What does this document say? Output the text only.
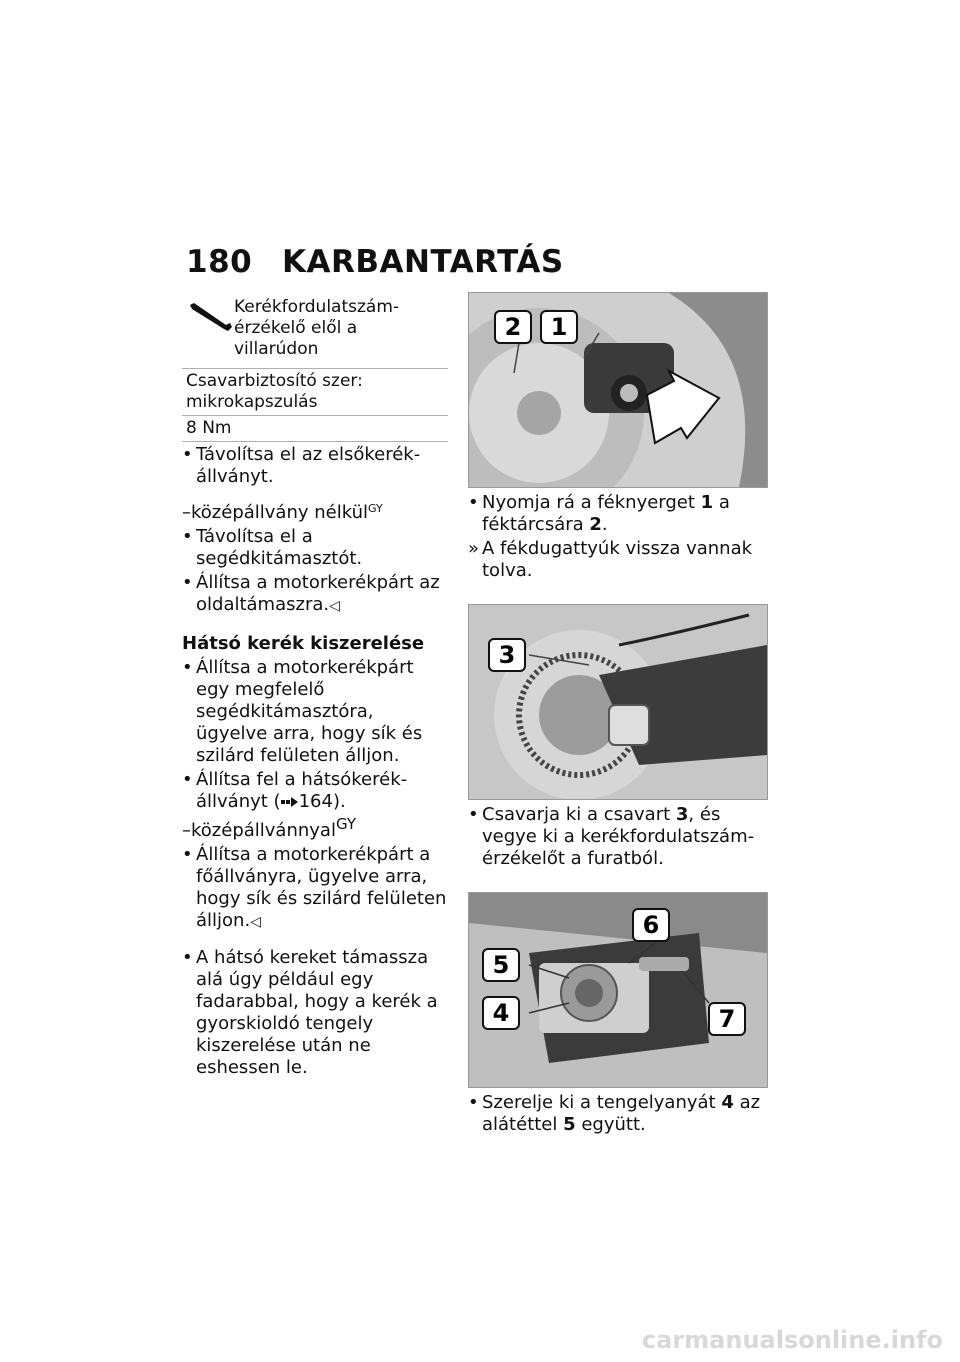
180 KARBANTARTÁS
Kerékfordulatszám-érzékelő elől a villarúdon

Csavarbiztosító szer: mikrokapszulás
8 Nm
• Távolítsa el az elsőkerék-állványt.
–középállvány nélkül$^{GY}$
• Távolítsa el a segédkitámasztót.
• Állítsa a motorkerékpárt az oldaltámaszra.◁
Hátsó kerék kiszerelése
• Állítsa a motorkerékpárt egy megfelelő segédkitámasztóra, ügyelve arra, hogy sík és szilárd felületen álljon.
• Állítsa fel a hátsókerék-állványt ( 164).
–középállvánnyal$^{GY}$
• Állítsa a motorkerékpárt a főállványra, ügyelve arra, hogy sík és szilárd felületen álljon.◁
• A hátsó kereket támassza alá úgy például egy fadarabbal, hogy a kerék a gyorskioldó tengely kiszerelése után ne eshessen le.
2 1
• Nyomja rá a féknyerget 1 a féktárcsára 2.
» A fékdugattyúk vissza vannak tolva.
3
• Csavarja ki a csavart 3, és vegye ki a kerékfordulatszám-érzékelőt a furatból.
6
5
4	7
• Szerelje ki a tengelyanyát 4 az alátéttel 5 együtt.
carmanualsonline.info
